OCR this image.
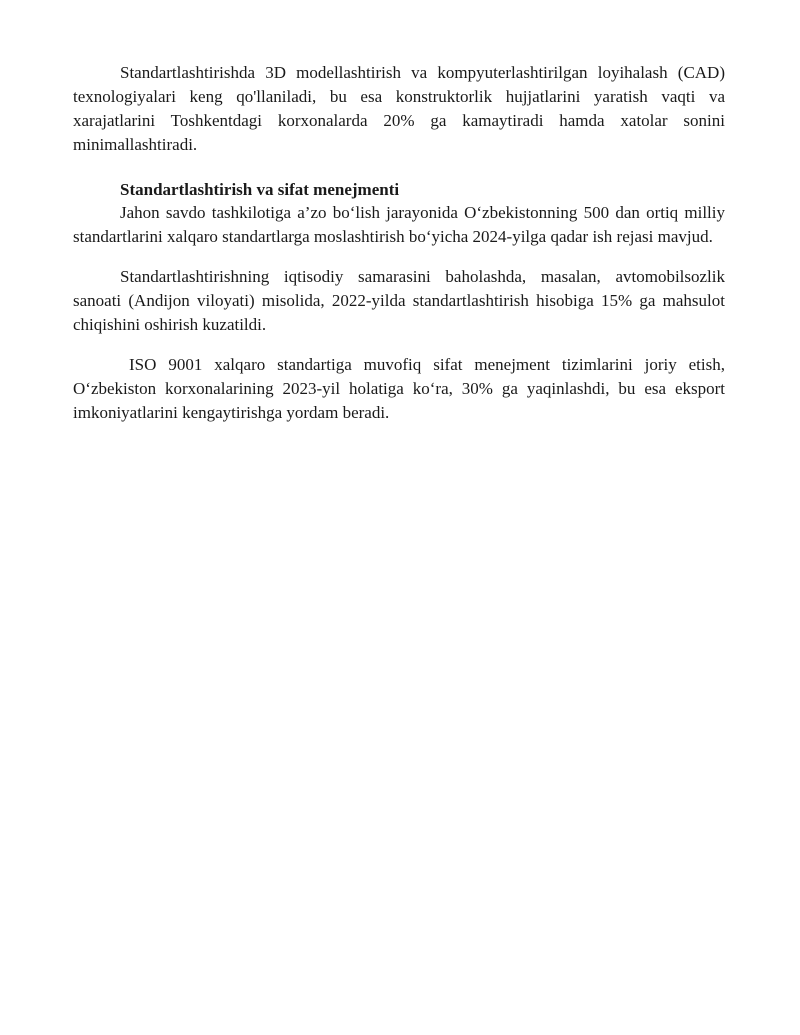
Standartlashtirishda 3D modellashtirish va kompyuterlashtirilgan loyihalash (CAD) texnologiyalari keng qo'llaniladi, bu esa konstruktorlik hujjatlarini yaratish vaqti va xarajatlarini Toshkentdagi korxonalarda 20% ga kamaytiradi hamda xatolar sonini minimallashtiradi.

Standartlashtirish va sifat menejmenti

Jahon savdo tashkilotiga a’zo bo‘lish jarayonida O‘zbekistonning 500 dan ortiq milliy standartlarini xalqaro standartlarga moslashtirish bo‘yicha 2024-yilga qadar ish rejasi mavjud.

Standartlashtirishning iqtisodiy samarasini baholashda, masalan, avtomobilsozlik sanoati (Andijon viloyati) misolida, 2022-yilda standartlashtirish hisobiga 15% ga mahsulot chiqishini oshirish kuzatildi.

ISO 9001 xalqaro standartiga muvofiq sifat menejment tizimlarini joriy etish, O‘zbekiston korxonalarining 2023-yil holatiga ko‘ra, 30% ga yaqinlashdi, bu esa eksport imkoniyatlarini kengaytirishga yordam beradi.
